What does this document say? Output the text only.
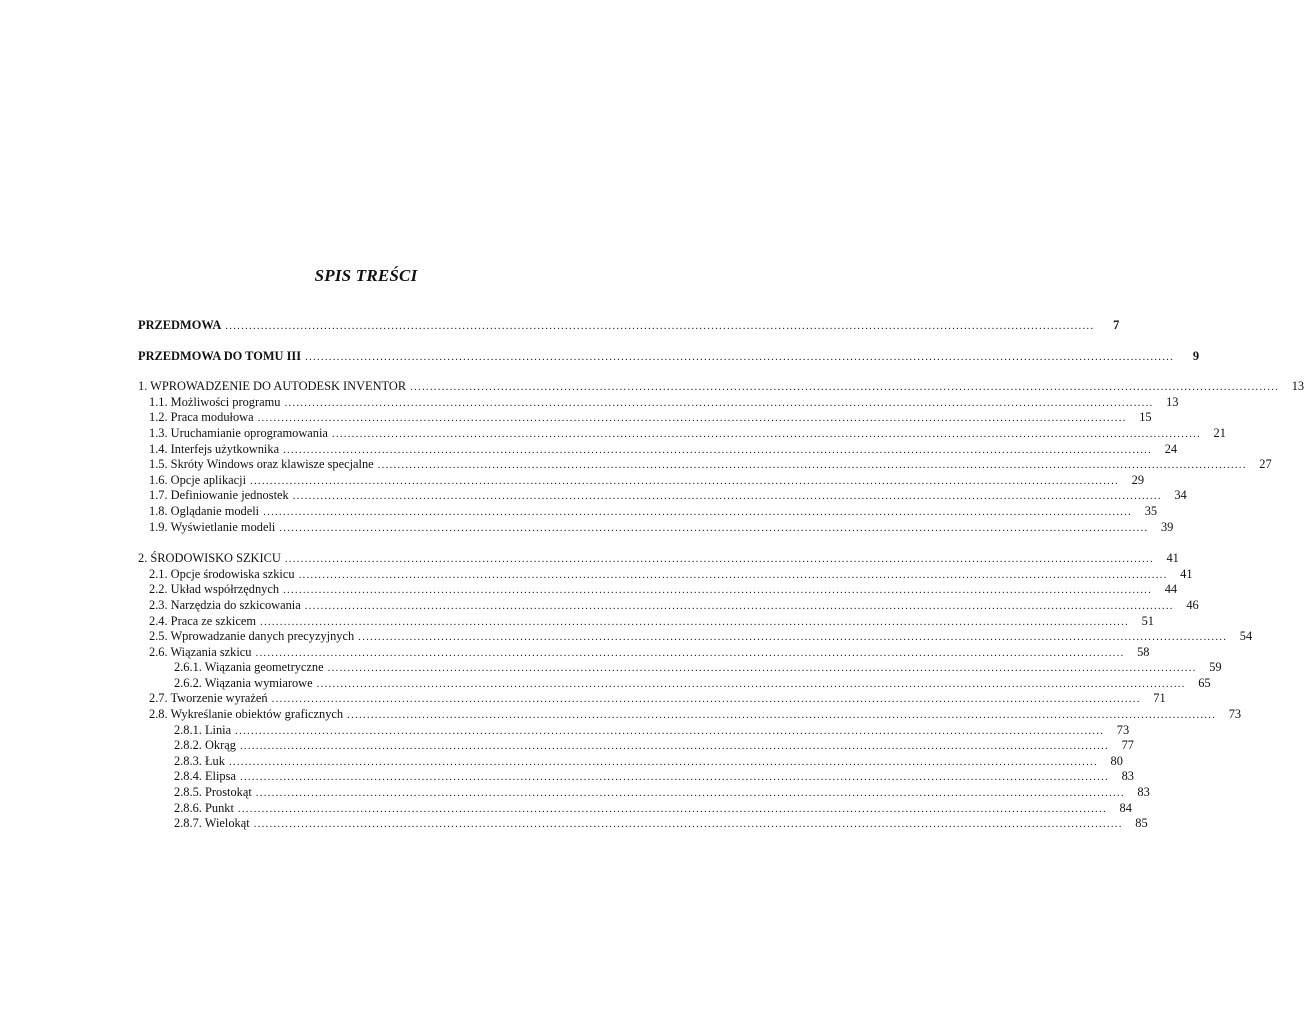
SPIS TREŚCI
PRZEDMOWA ............................................................................................................................................................................................................................	7
PRZEDMOWA DO TOMU III ............................................................................................................................................................................................................................	9
1. WPROWADZENIE DO AUTODESK INVENTOR ............................................................................................................................................................................................................................ 13
1.1. Możliwości programu ............................................................................................................................................................................................................................ 13
1.2. Praca modułowa ............................................................................................................................................................................................................................ 15
1.3. Uruchamianie oprogramowania ............................................................................................................................................................................................................................ 21
1.4. Interfejs użytkownika ............................................................................................................................................................................................................................ 24
1.5. Skróty Windows oraz klawisze specjalne ............................................................................................................................................................................................................................ 27
1.6. Opcje aplikacji ............................................................................................................................................................................................................................ 29
1.7. Definiowanie jednostek ............................................................................................................................................................................................................................ 34
1.8. Oglądanie modeli ............................................................................................................................................................................................................................ 35
1.9. Wyświetlanie modeli ............................................................................................................................................................................................................................ 39
2. ŚRODOWISKO SZKICU ............................................................................................................................................................................................................................ 41
2.1. Opcje środowiska szkicu ............................................................................................................................................................................................................................ 41
2.2. Układ współrzędnych ............................................................................................................................................................................................................................ 44
2.3. Narzędzia do szkicowania ............................................................................................................................................................................................................................ 46
2.4. Praca ze szkicem ............................................................................................................................................................................................................................ 51
2.5. Wprowadzanie danych precyzyjnych ............................................................................................................................................................................................................................ 54
2.6. Wiązania szkicu ............................................................................................................................................................................................................................ 58
2.6.1. Wiązania geometryczne ............................................................................................................................................................................................................................ 59
2.6.2. Wiązania wymiarowe ............................................................................................................................................................................................................................ 65
2.7. Tworzenie wyrażeń ............................................................................................................................................................................................................................ 71
2.8. Wykreślanie obiektów graficznych ............................................................................................................................................................................................................................ 73
2.8.1. Linia ............................................................................................................................................................................................................................ 73
2.8.2. Okrąg ............................................................................................................................................................................................................................ 77
2.8.3. Łuk ............................................................................................................................................................................................................................ 80
2.8.4. Elipsa ............................................................................................................................................................................................................................ 83
2.8.5. Prostokąt ............................................................................................................................................................................................................................ 83
2.8.6. Punkt ............................................................................................................................................................................................................................ 84
2.8.7. Wielokąt ............................................................................................................................................................................................................................ 85
